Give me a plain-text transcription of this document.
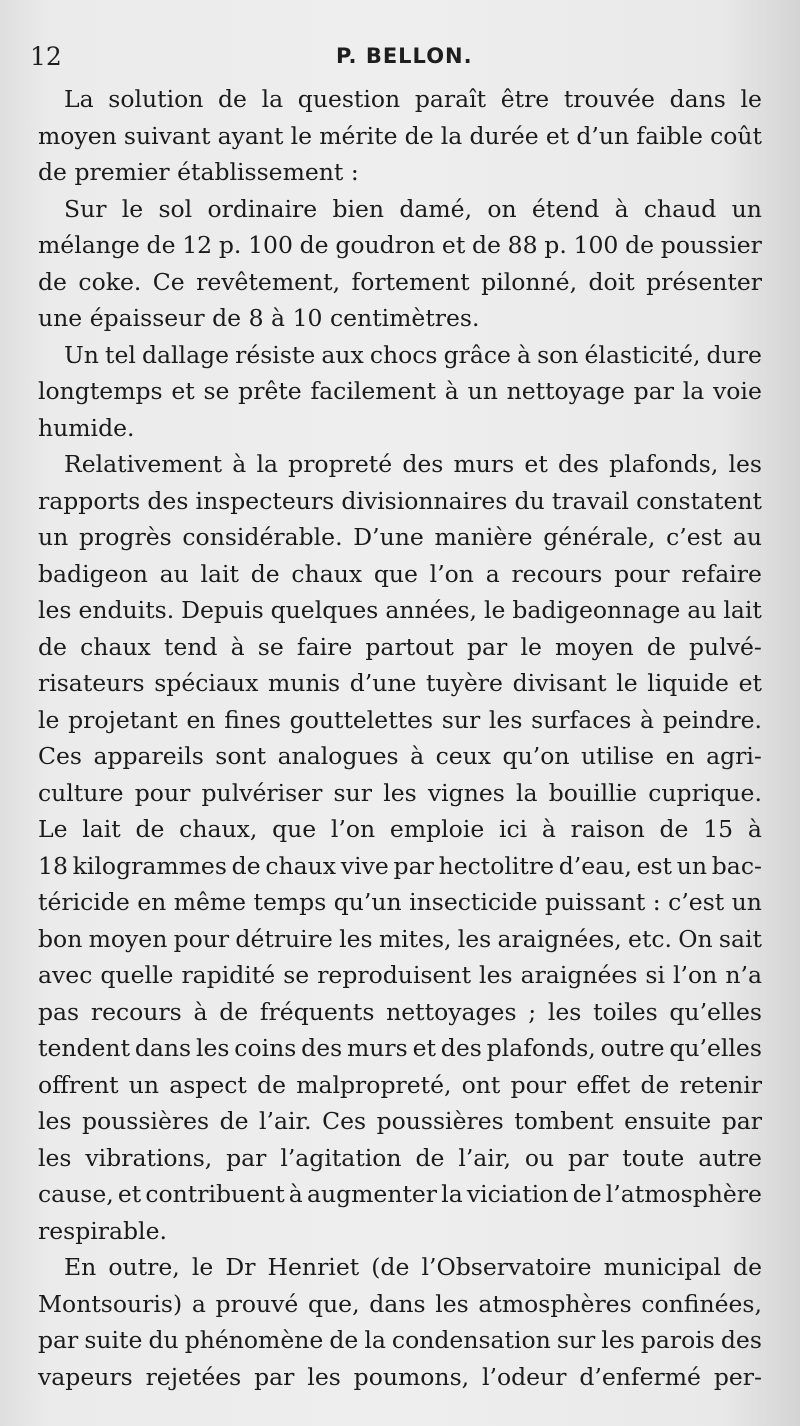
12	P. BELLON.
La solution de la question paraît être trouvée dans le
moyen suivant ayant le mérite de la durée et d’un faible coût
de premier établissement :
Sur le sol ordinaire bien damé, on étend à chaud un
mélange de 12 p. 100 de goudron et de 88 p. 100 de poussier
de coke. Ce revêtement, fortement pilonné, doit présenter
une épaisseur de 8 à 10 centimètres.
Un tel dallage résiste aux chocs grâce à son élasticité, dure
longtemps et se prête facilement à un nettoyage par la voie
humide.
Relativement à la propreté des murs et des plafonds, les
rapports des inspecteurs divisionnaires du travail constatent
un progrès considérable. D’une manière générale, c’est au
badigeon au lait de chaux que l’on a recours pour refaire
les enduits. Depuis quelques années, le badigeonnage au lait
de chaux tend à se faire partout par le moyen de pulvé-
risateurs spéciaux munis d’une tuyère divisant le liquide et
le projetant en fines gouttelettes sur les surfaces à peindre.
Ces appareils sont analogues à ceux qu’on utilise en agri-
culture pour pulvériser sur les vignes la bouillie cuprique.
Le lait de chaux, que l’on emploie ici à raison de 15 à
18 kilogrammes de chaux vive par hectolitre d’eau, est un bac-
téricide en même temps qu’un insecticide puissant : c’est un
bon moyen pour détruire les mites, les araignées, etc. On sait
avec quelle rapidité se reproduisent les araignées si l’on n’a
pas recours à de fréquents nettoyages ; les toiles qu’elles
tendent dans les coins des murs et des plafonds, outre qu’elles
offrent un aspect de malpropreté, ont pour effet de retenir
les poussières de l’air. Ces poussières tombent ensuite par
les vibrations, par l’agitation de l’air, ou par toute autre
cause, et contribuent à augmenter la viciation de l’atmosphère
respirable.
En outre, le Dr Henriet (de l’Observatoire municipal de
Montsouris) a prouvé que, dans les atmosphères confinées,
par suite du phénomène de la condensation sur les parois des
vapeurs rejetées par les poumons, l’odeur d’enfermé per-
